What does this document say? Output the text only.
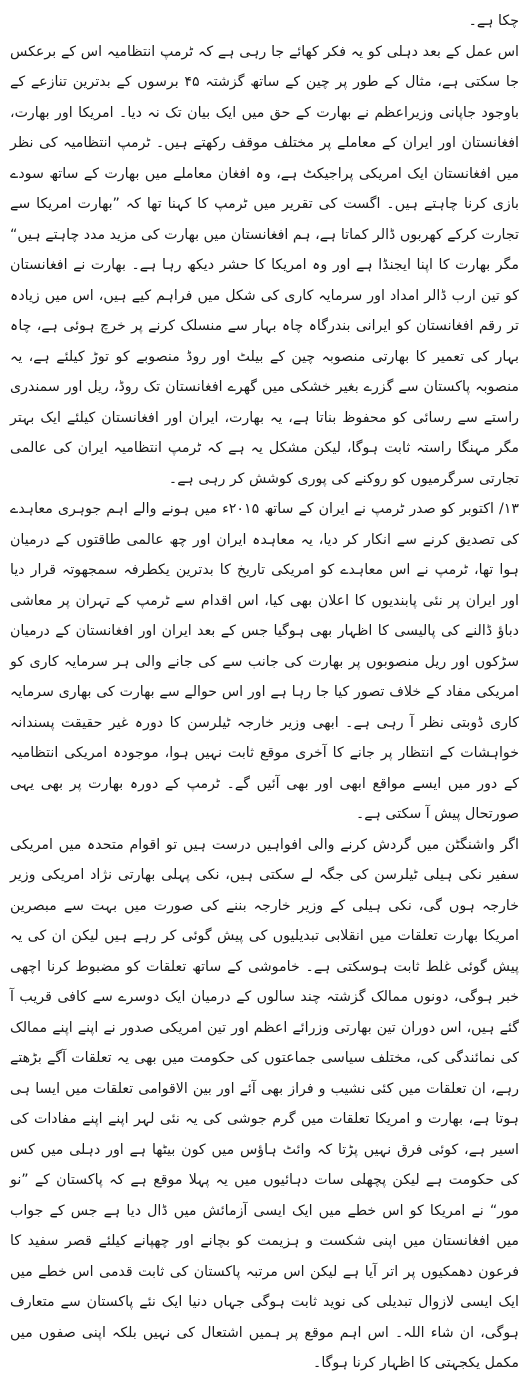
چکا ہے۔

اس عمل کے بعد دہلی کو یہ فکر کھائے جا رہی ہے کہ ٹرمپ انتظامیہ اس کے برعکس جا سکتی ہے، مثال کے طور پر چین کے ساتھ گزشتہ ۴۵ برسوں کے بدترین تنازعے کے باوجود جاپانی وزیراعظم نے بھارت کے حق میں ایک بیان تک نہ دیا۔ امریکا اور بھارت، افغانستان اور ایران کے معاملے پر مختلف موقف رکھتے ہیں۔ ٹرمپ انتظامیہ کی نظر میں افغانستان ایک امریکی پراجیکٹ ہے، وہ افغان معاملے میں بھارت کے ساتھ سودے بازی کرنا چاہتے ہیں۔ اگست کی تقریر میں ٹرمپ کا کہنا تھا کہ ”بھارت امریکا سے تجارت کرکے کھربوں ڈالر کماتا ہے، ہم افغانستان میں بھارت کی مزید مدد چاہتے ہیں“ مگر بھارت کا اپنا ایجنڈا ہے اور وہ امریکا کا حشر دیکھ رہا ہے۔ بھارت نے افغانستان کو تین ارب ڈالر امداد اور سرمایہ کاری کی شکل میں فراہم کیے ہیں، اس میں زیادہ تر رقم افغانستان کو ایرانی بندرگاہ چاہ بہار سے منسلک کرنے پر خرچ ہوئی ہے، چاہ بہار کی تعمیر کا بھارتی منصوبہ چین کے بیلٹ اور روڈ منصوبے کو توڑ کیلئے ہے، یہ منصوبہ پاکستان سے گزرے بغیر خشکی میں گھرے افغانستان تک روڈ، ریل اور سمندری راستے سے رسائی کو محفوظ بناتا ہے، یہ بھارت، ایران اور افغانستان کیلئے ایک بہتر مگر مہنگا راستہ ثابت ہوگا، لیکن مشکل یہ ہے کہ ٹرمپ انتظامیہ ایران کی عالمی تجارتی سرگرمیوں کو روکنے کی پوری کوشش کر رہی ہے۔

۱۳/ اکتوبر کو صدر ٹرمپ نے ایران کے ساتھ ۲۰۱۵ء میں ہونے والے اہم جوہری معاہدے کی تصدیق کرنے سے انکار کر دیا، یہ معاہدہ ایران اور چھ عالمی طاقتوں کے درمیان ہوا تھا، ٹرمپ نے اس معاہدے کو امریکی تاریخ کا بدترین یکطرفہ سمجھوتہ قرار دیا اور ایران پر نئی پابندیوں کا اعلان بھی کیا، اس اقدام سے ٹرمپ کے تہران پر معاشی دباؤ ڈالنے کی پالیسی کا اظہار بھی ہوگیا جس کے بعد ایران اور افغانستان کے درمیان سڑکوں اور ریل منصوبوں پر بھارت کی جانب سے کی جانے والی ہر سرمایہ کاری کو امریکی مفاد کے خلاف تصور کیا جا رہا ہے اور اس حوالے سے بھارت کی بھاری سرمایہ کاری ڈوبتی نظر آ رہی ہے۔ ابھی وزیر خارجہ ٹیلرسن کا دورہ غیر حقیقت پسندانہ خواہشات کے انتظار پر جانے کا آخری موقع ثابت نہیں ہوا، موجودہ امریکی انتظامیہ کے دور میں ایسے مواقع ابھی اور بھی آئیں گے۔ ٹرمپ کے دورہ بھارت پر بھی یہی صورتحال پیش آ سکتی ہے۔

اگر واشنگٹن میں گردش کرنے والی افواہیں درست ہیں تو اقوام متحدہ میں امریکی سفیر نکی ہیلی ٹیلرسن کی جگہ لے سکتی ہیں، نکی پہلی بھارتی نژاد امریکی وزیر خارجہ ہوں گی، نکی ہیلی کے وزیر خارجہ بننے کی صورت میں بہت سے مبصرین امریکا بھارت تعلقات میں انقلابی تبدیلیوں کی پیش گوئی کر رہے ہیں لیکن ان کی یہ پیش گوئی غلط ثابت ہوسکتی ہے۔ خاموشی کے ساتھ تعلقات کو مضبوط کرنا اچھی خبر ہوگی، دونوں ممالک گزشتہ چند سالوں کے درمیان ایک دوسرے سے کافی قریب آ گئے ہیں، اس دوران تین بھارتی وزرائے اعظم اور تین امریکی صدور نے اپنے اپنے ممالک کی نمائندگی کی، مختلف سیاسی جماعتوں کی حکومت میں بھی یہ تعلقات آگے بڑھتے رہے، ان تعلقات میں کئی نشیب و فراز بھی آئے اور بین الاقوامی تعلقات میں ایسا ہی ہوتا ہے، بھارت و امریکا تعلقات میں گرم جوشی کی یہ نئی لہر اپنے اپنے مفادات کی اسیر ہے، کوئی فرق نہیں پڑتا کہ وائٹ ہاؤس میں کون بیٹھا ہے اور دہلی میں کس کی حکومت ہے لیکن پچھلی سات دہائیوں میں یہ پہلا موقع ہے کہ پاکستان کے ”نو مور“ نے امریکا کو اس خطے میں ایک ایسی آزمائش میں ڈال دیا ہے جس کے جواب میں افغانستان میں اپنی شکست و ہزیمت کو بچانے اور چھپانے کیلئے قصر سفید کا فرعون دھمکیوں پر اتر آیا ہے لیکن اس مرتبہ پاکستان کی ثابت قدمی اس خطے میں ایک ایسی لازوال تبدیلی کی نوید ثابت ہوگی جہاں دنیا ایک نئے پاکستان سے متعارف ہوگی، ان شاء اللہ۔ اس اہم موقع پر ہمیں اشتعال کی نہیں بلکہ اپنی صفوں میں مکمل یکجہتی کا اظہار کرنا ہوگا۔
